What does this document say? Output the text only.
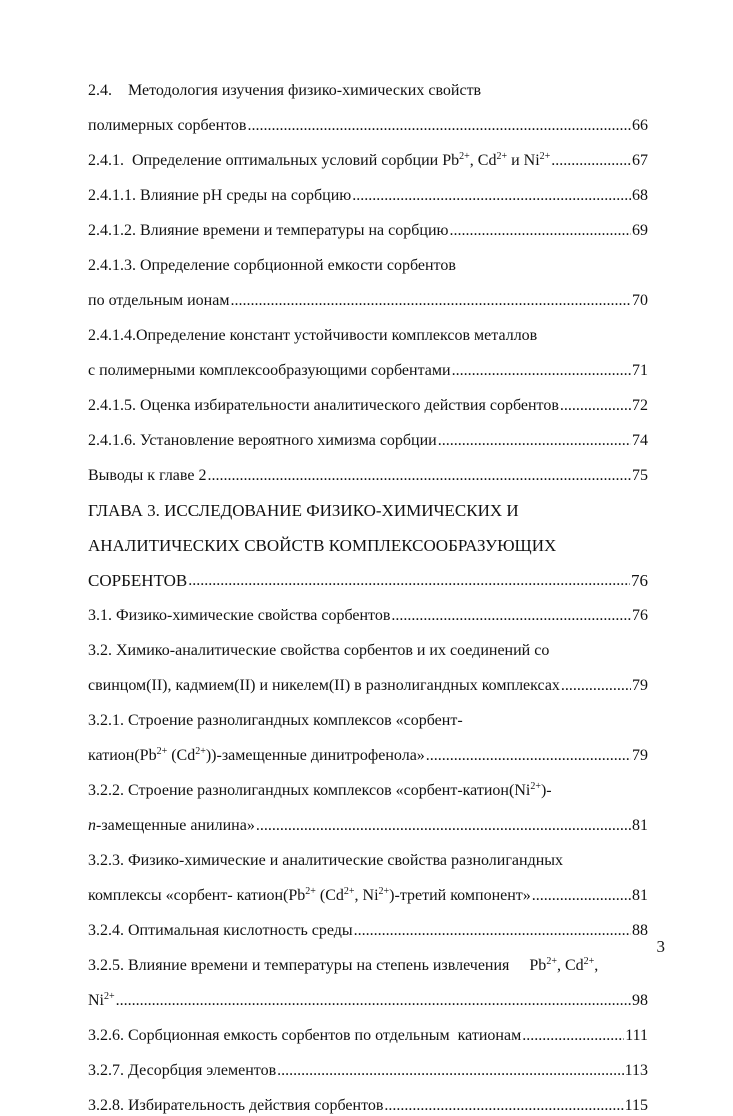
2.4.    Методология изучения физико-химических свойств
полимерных сорбентов .....	66
2.4.1.  Определение оптимальных условий сорбции $Pb^{2+}$, $Cd^{2+}$ и $Ni^{2+}$ .....	67
2.4.1.1. Влияние pH среды на сорбцию .....	68
2.4.1.2. Влияние времени и температуры на сорбцию .....	69
2.4.1.3. Определение сорбционной емкости сорбентов
по отдельным ионам .....	70
2.4.1.4.Определение констант устойчивости комплексов металлов
с полимерными комплексообразующими сорбентами .....	71
2.4.1.5. Оценка избирательности аналитического действия сорбентов .....	72
2.4.1.6. Установление вероятного химизма сорбции .....	74
Выводы к главе 2 .....	75
ГЛАВА 3. ИССЛЕДОВАНИЕ ФИЗИКО-ХИМИЧЕСКИХ И
АНАЛИТИЧЕСКИХ СВОЙСТВ КОМПЛЕКСООБРАЗУЮЩИХ
СОРБЕНТОВ .....	76
3.1. Физико-химические свойства сорбентов .....	76
3.2. Химико-аналитические свойства сорбентов и их соединений со
свинцом(II), кадмием(II) и никелем(II) в разнолигандных комплексах .....	79
3.2.1. Строение разнолигандных комплексов «сорбент-
$катион(Pb^{2+}$ $(Cd^{2+})$)-замещенные динитрофенола» .....	79
3.2.2. Строение разнолигандных комплексов «$сорбент-катион(Ni^{2+})-$
п-замещенные анилина» .....	81
3.2.3. Физико-химические и аналитические свойства разнолигандных
комплексы «сорбент- $катион(Pb^{2+}$ ($Cd^{2+}$, $Ni^{2+}$)-третий компонент» .....	81
3.2.4. Оптимальная кислотность среды .....	88
3.2.5. Влияние времени и температуры на степень извлечения     $Pb^{2+}$, $Cd^{2+}$,
$Ni^{2+}$ .....	98
3.2.6. Сорбционная емкость сорбентов по отдельным  катионам .....	111
3.2.7. Десорбция элементов .....	113
3.2.8. Избирательность действия сорбентов .....	115
3
